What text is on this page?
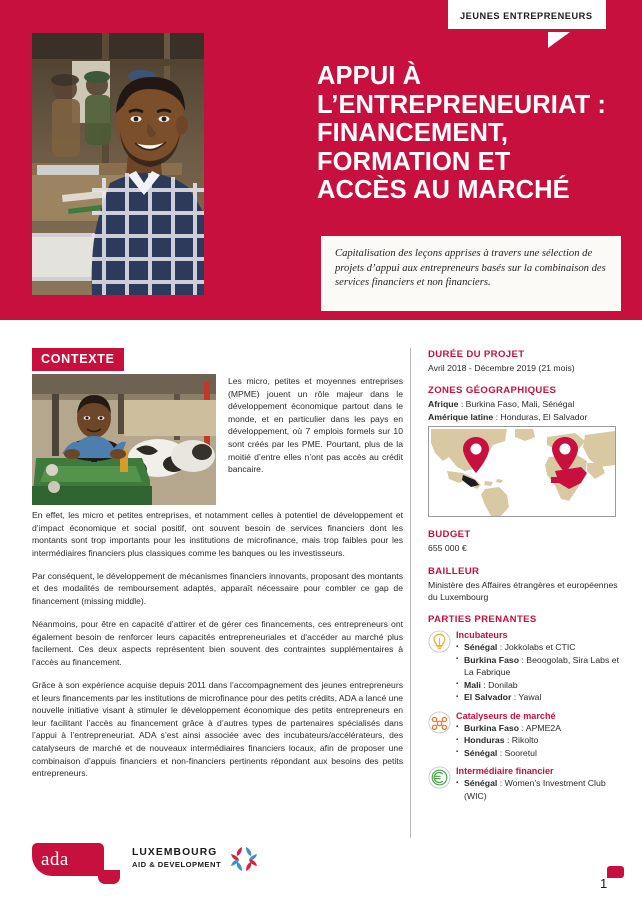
APPUI À
L’ENTREPRENEURIAT :
FINANCEMENT,
FORMATION ET
ACCÈS AU MARCHÉ
JEUNES ENTREPRENEURS
Capitalisation des leçons apprises à travers une sélection de projets d’appui aux entrepreneurs basés sur la combinaison des services financiers et non financiers.
CONTEXTE
Les micro, petites et moyennes entreprises (MPME) jouent un rôle majeur dans le développement économique partout dans le monde, et en particulier dans les pays en développement, où 7 emplois formels sur 10 sont créés par les PME. Pourtant, plus de la moitié d’entre elles n’ont pas accès au crédit bancaire.

En effet, les micro et petites entreprises, et notamment celles à potentiel de développement et d’impact économique et social positif, ont souvent besoin de services financiers dont les montants sont trop importants pour les institutions de microfinance, mais trop faibles pour les intermédiaires financiers plus classiques comme les banques ou les investisseurs.

Par conséquent, le développement de mécanismes financiers innovants, proposant des montants et des modalités de remboursement adaptés, apparaît nécessaire pour combler ce gap de financement (missing middle).

Néanmoins, pour être en capacité d’attirer et de gérer ces financements, ces entrepreneurs ont également besoin de renforcer leurs capacités entrepreneuriales et d’accéder au marché plus facilement. Ces deux aspects représentent bien souvent des contraintes supplémentaires à l’accès au financement.

Grâce à son expérience acquise depuis 2011 dans l’accompagnement des jeunes entrepreneurs et leurs financements par les institutions de microfinance pour des petits crédits, ADA a lancé une nouvelle initiative visant à stimuler le développement économique des petits entrepreneurs en leur facilitant l’accès au financement grâce à d’autres types de partenaires spécialisés dans l’appui à l’entrepreneuriat. ADA s’est ainsi associée avec des incubateurs/accélérateurs, des catalyseurs de marché et de nouveaux intermédiaires financiers locaux, afin de proposer une combinaison d’appuis financiers et non-financiers pertinents répondant aux besoins des petits entrepreneurs.

DURÉE DU PROJET
Avril 2018 - Décembre 2019 (21 mois)
ZONES GÉOGRAPHIQUES
Afrique : Burkina Faso, Mali, Sénégal
Amérique latine : Honduras, El Salvador
BUDGET
655 000 €
BAILLEUR
Ministère des Affaires étrangères et européennes du Luxembourg
PARTIES PRENANTES
Incubateurs
▪ Sénégal : Jokkolabs et CTIC
▪ Burkina Faso : Beoogolab, Sira Labs et La Fabrique
▪ Mali : Donilab
▪ El Salvador : Yawal
Catalyseurs de marché
▪ Burkina Faso : APME2A
▪ Honduras : Rikolto
▪ Sénégal : Sooretul
Intermédiaire financier
▪ Sénégal : Women’s Investment Club (WIC)
ada	LUXEMBOURG
AID & DEVELOPMENT
1
